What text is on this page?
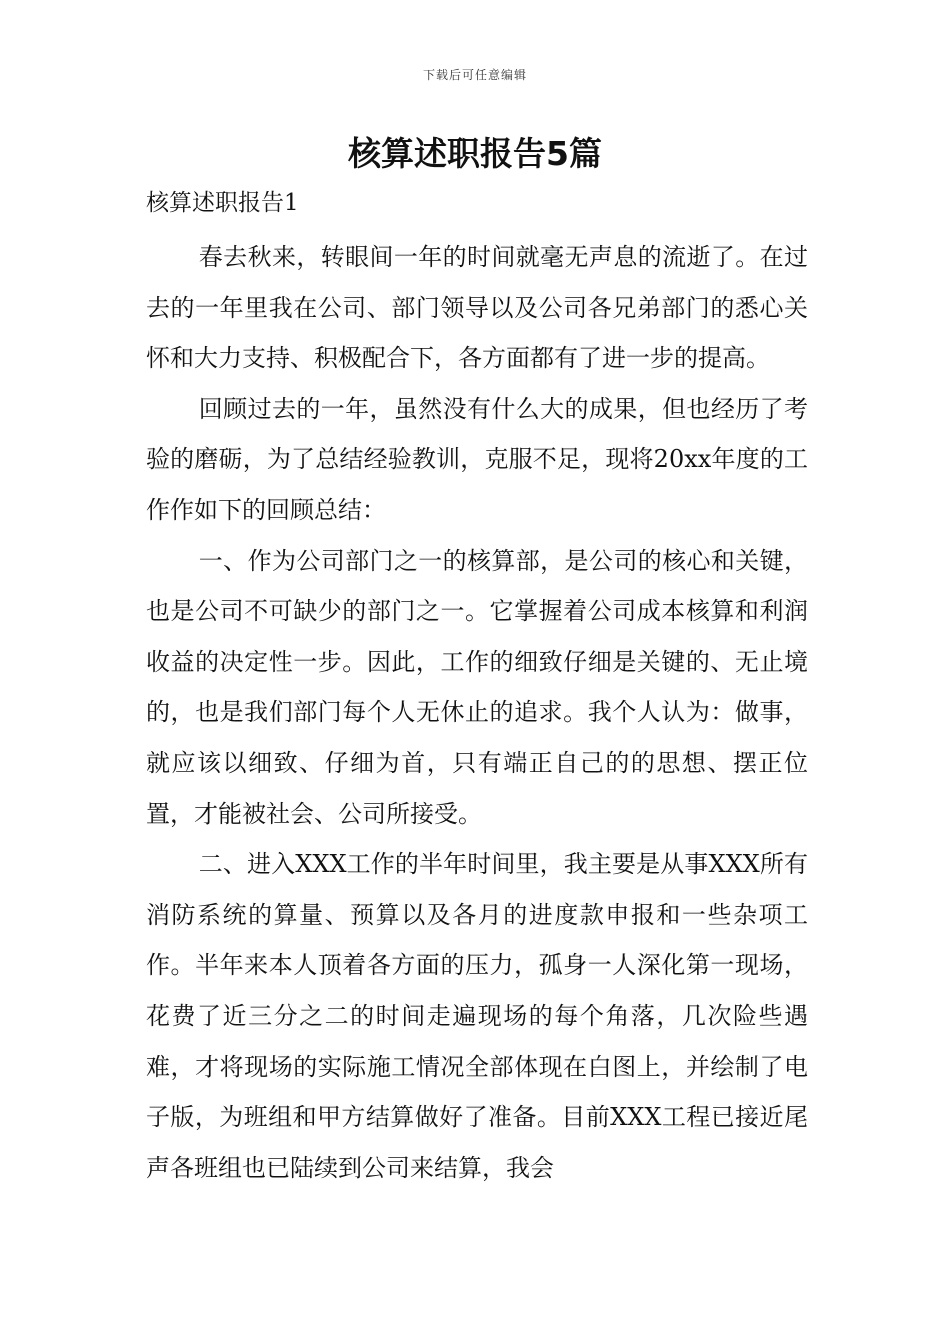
下载后可任意编辑
核算述职报告5篇
核算述职报告1

春去秋来，转眼间一年的时间就毫无声息的流逝了。在过去的一年里我在公司、部门领导以及公司各兄弟部门的悉心关怀和大力支持、积极配合下，各方面都有了进一步的提高。

回顾过去的一年，虽然没有什么大的成果，但也经历了考验的磨砺，为了总结经验教训，克服不足，现将20xx年度的工作作如下的回顾总结：

一、作为公司部门之一的核算部，是公司的核心和关键，也是公司不可缺少的部门之一。它掌握着公司成本核算和利润收益的决定性一步。因此，工作的细致仔细是关键的、无止境的，也是我们部门每个人无休止的追求。我个人认为：做事，就应该以细致、仔细为首，只有端正自己的的思想、摆正位置，才能被社会、公司所接受。

二、进入XXX工作的半年时间里，我主要是从事XXX所有消防系统的算量、预算以及各月的进度款申报和一些杂项工作。半年来本人顶着各方面的压力，孤身一人深化第一现场，花费了近三分之二的时间走遍现场的每个角落，几次险些遇难，才将现场的实际施工情况全部体现在白图上，并绘制了电子版，为班组和甲方结算做好了准备。目前XXX工程已接近尾声各班组也已陆续到公司来结算，我会
